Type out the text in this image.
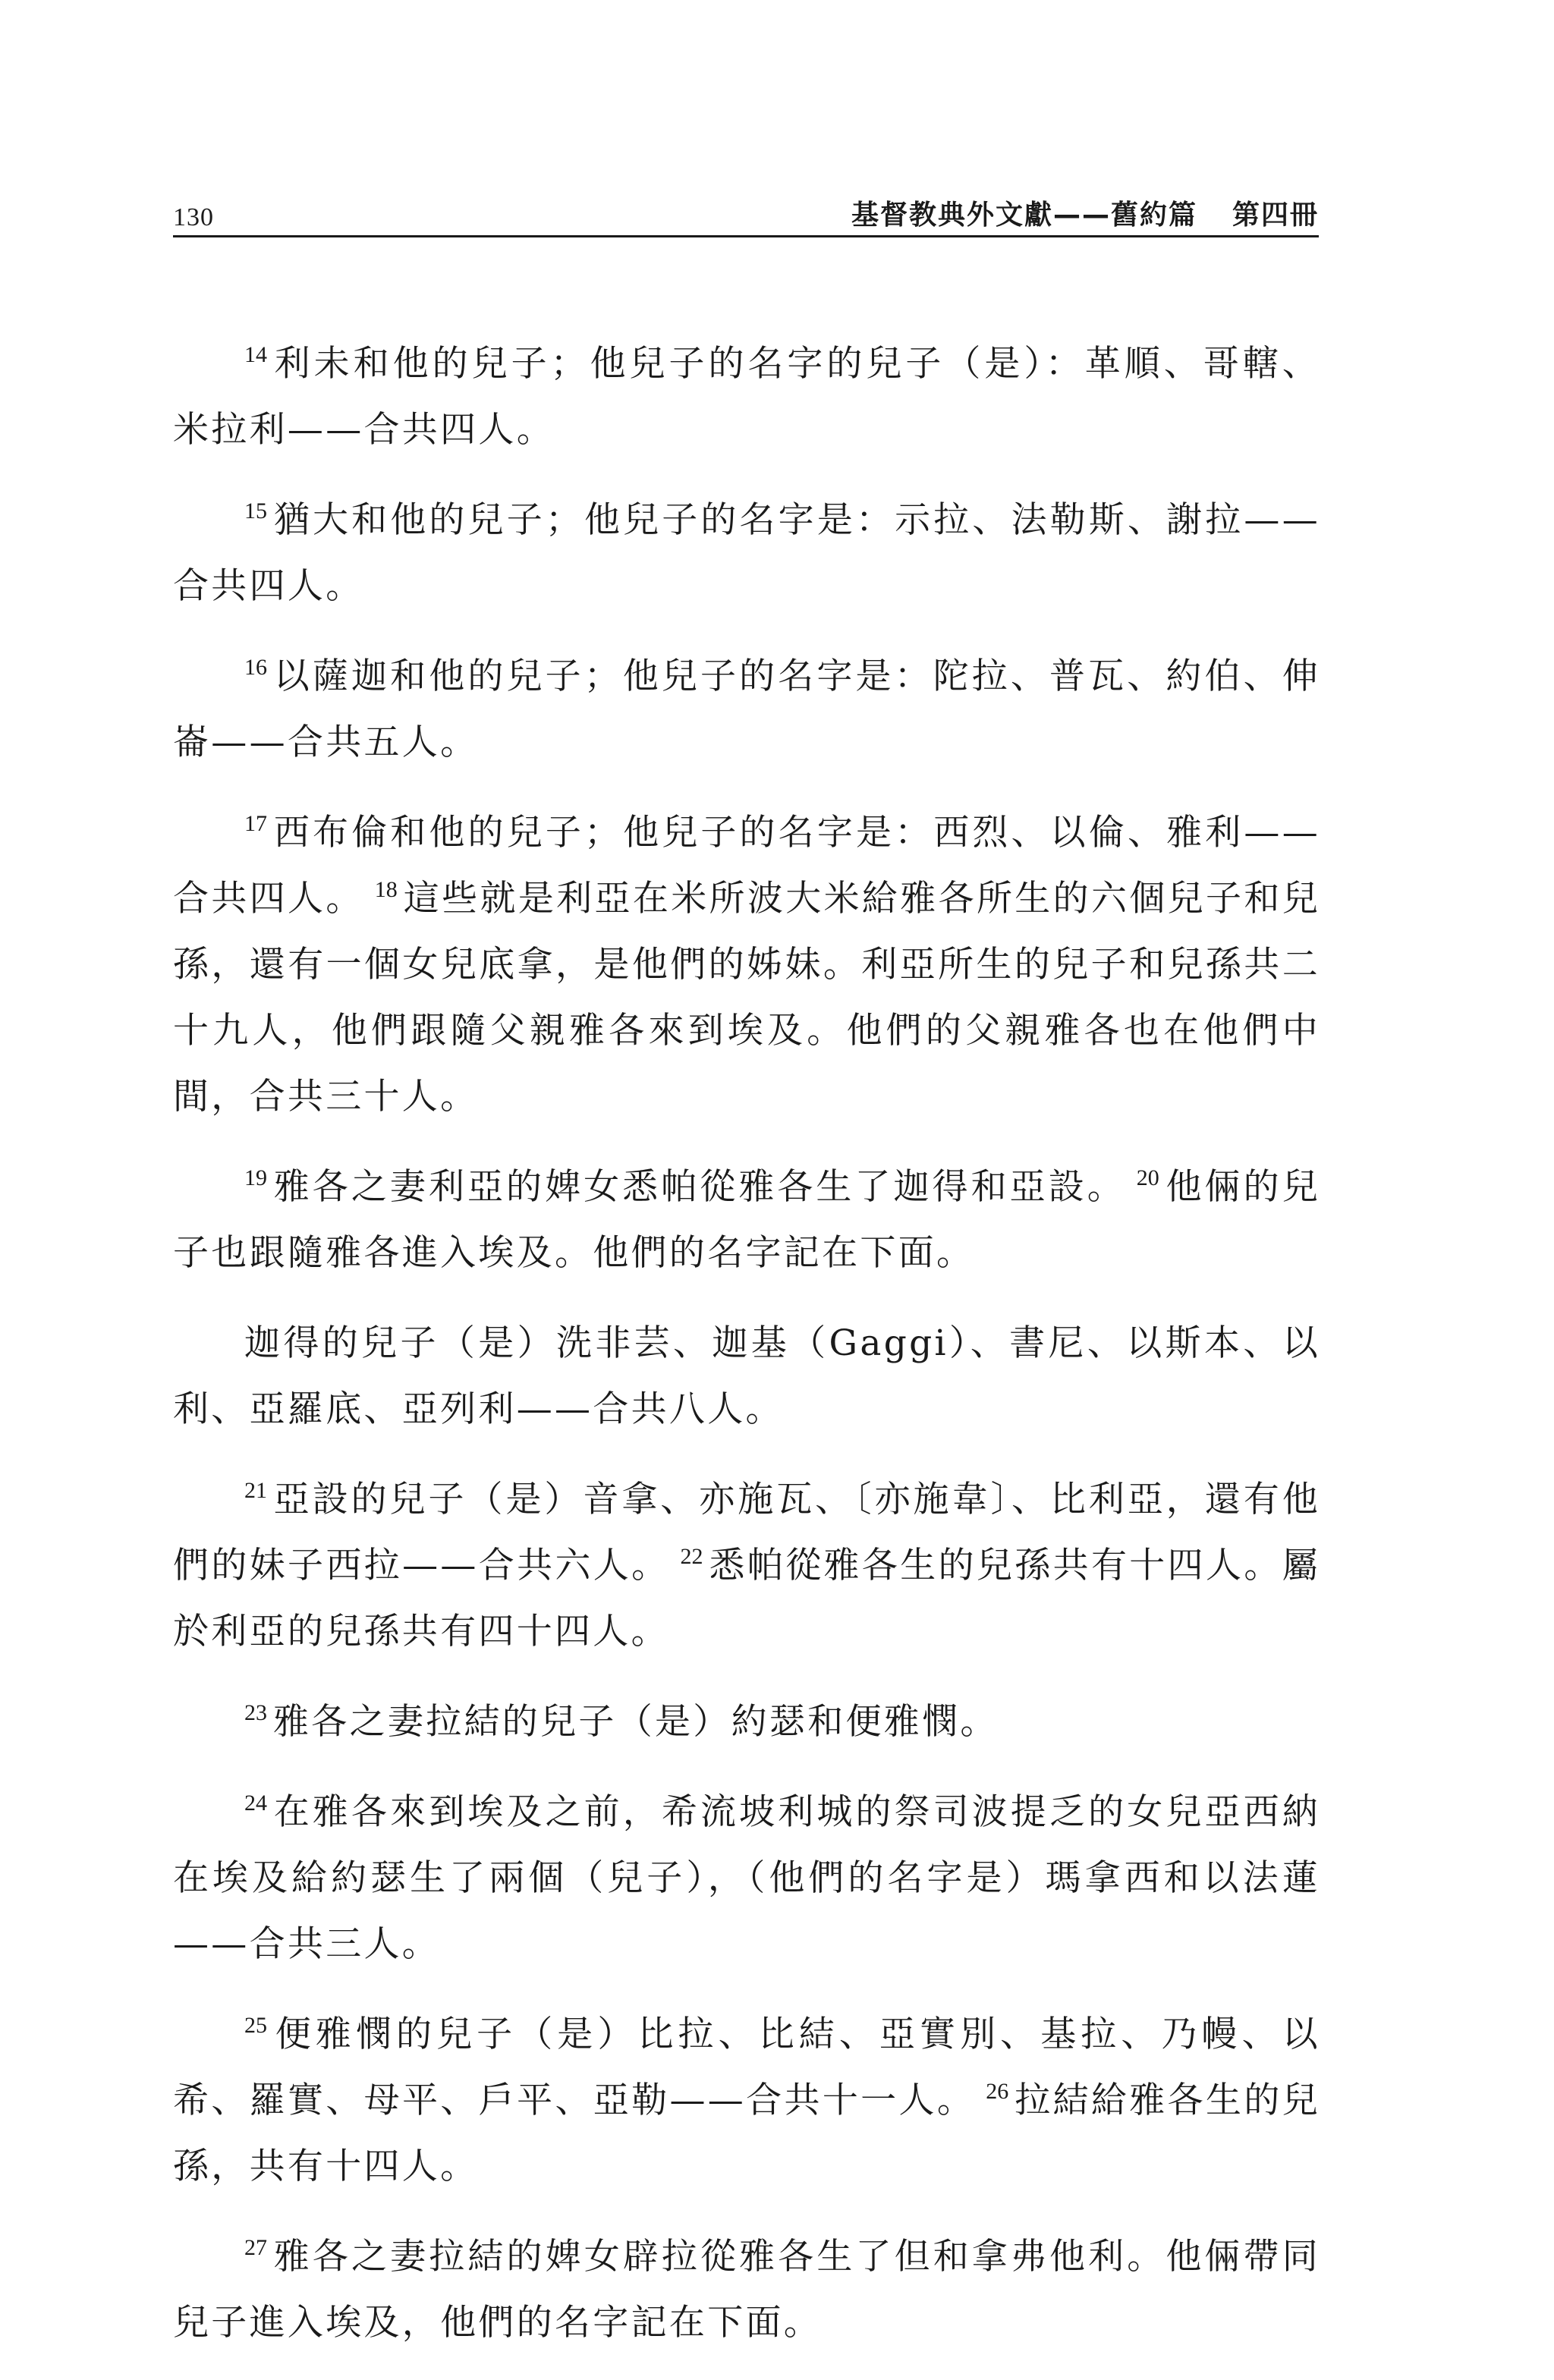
130	基督教典外文獻——舊約篇 第四冊

$^{14}$ 利未和他的兒子；他兒子的名字的兒子（是）：革順、哥轄、米拉利——合共四人。

$^{15}$ 猶大和他的兒子；他兒子的名字是：示拉、法勒斯、謝拉——合共四人。

$^{16}$ 以薩迦和他的兒子；他兒子的名字是：陀拉、普瓦、約伯、伸崙——合共五人。

$^{17}$ 西布倫和他的兒子；他兒子的名字是：西烈、以倫、雅利——合共四人。 $^{18}$ 這些就是利亞在米所波大米給雅各所生的六個兒子和兒孫，還有一個女兒底拿，是他們的姊妹。利亞所生的兒子和兒孫共二十九人，他們跟隨父親雅各來到埃及。他們的父親雅各也在他們中間，合共三十人。

$^{19}$ 雅各之妻利亞的婢女悉帕從雅各生了迦得和亞設。 $^{20}$ 他倆的兒子也跟隨雅各進入埃及。他們的名字記在下面。

迦得的兒子（是）洗非芸、迦基（Gaggi）、書尼、以斯本、以利、亞羅底、亞列利——合共八人。

$^{21}$ 亞設的兒子（是）音拿、亦施瓦、〔亦施韋〕、比利亞，還有他們的妹子西拉——合共六人。 $^{22}$ 悉帕從雅各生的兒孫共有十四人。屬於利亞的兒孫共有四十四人。

$^{23}$ 雅各之妻拉結的兒子（是）約瑟和便雅憫。

$^{24}$ 在雅各來到埃及之前，希流坡利城的祭司波提乏的女兒亞西納在埃及給約瑟生了兩個（兒子），（他們的名字是）瑪拿西和以法蓮——合共三人。

$^{25}$ 便雅憫的兒子（是）比拉、比結、亞實別、基拉、乃幔、以希、羅實、母平、戶平、亞勒——合共十一人。 $^{26}$ 拉結給雅各生的兒孫，共有十四人。

$^{27}$ 雅各之妻拉結的婢女辟拉從雅各生了但和拿弗他利。他倆帶同兒子進入埃及，他們的名字記在下面。
